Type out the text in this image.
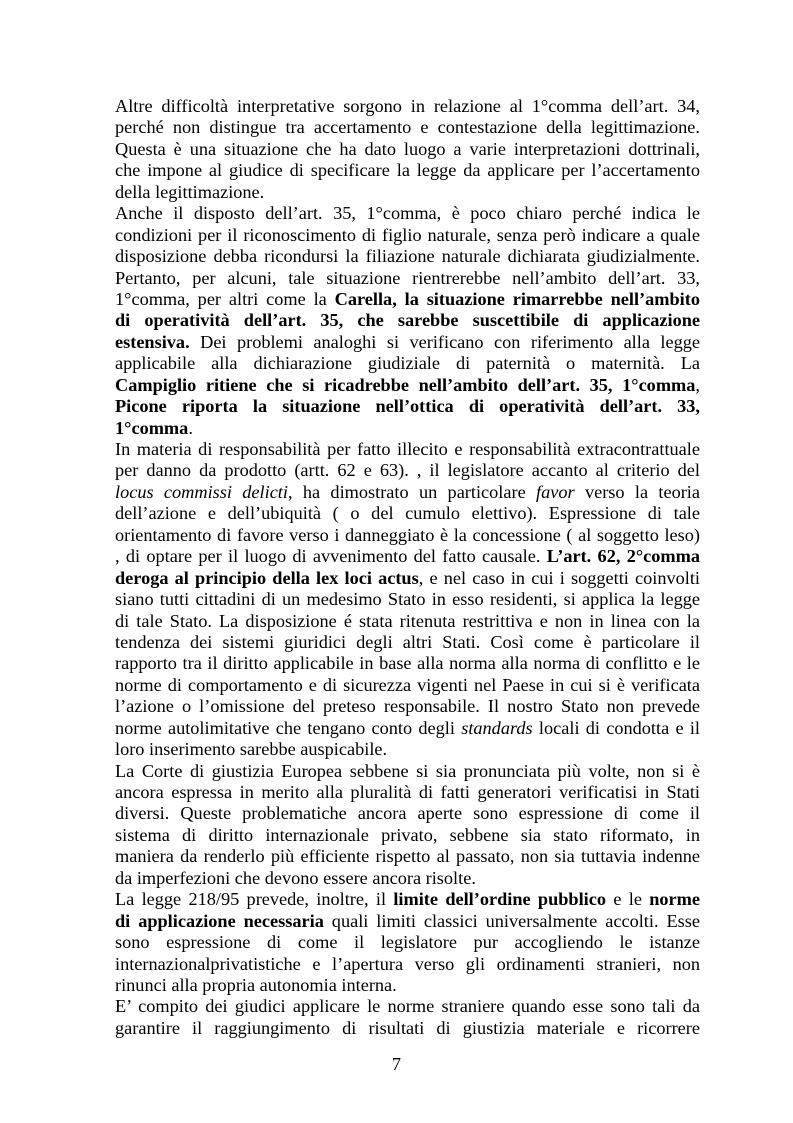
Altre difficoltà interpretative sorgono in relazione al 1°comma dell’art. 34,
perché non distingue tra accertamento e contestazione della legittimazione.
Questa è una situazione che ha dato luogo a varie interpretazioni dottrinali,
che impone al giudice di specificare la legge da applicare per l’accertamento
della legittimazione.
Anche il disposto dell’art. 35, 1°comma, è poco chiaro perché indica le
condizioni per il riconoscimento di figlio naturale, senza però indicare a quale
disposizione debba ricondursi la filiazione naturale dichiarata giudizialmente.
Pertanto, per alcuni, tale situazione rientrerebbe nell’ambito dell’art. 33,
1°comma, per altri come la Carella, la situazione rimarrebbe nell’ambito
di operatività dell’art. 35, che sarebbe suscettibile di applicazione
estensiva. Dei problemi analoghi si verificano con riferimento alla legge
applicabile alla dichiarazione giudiziale di paternità o maternità. La
Campiglio ritiene che si ricadrebbe nell’ambito dell’art. 35, 1°comma,
Picone riporta la situazione nell’ottica di operatività dell’art. 33,
1°comma.
In materia di responsabilità per fatto illecito e responsabilità extracontrattuale
per danno da prodotto (artt. 62 e 63). , il legislatore accanto al criterio del
locus commissi delicti, ha dimostrato un particolare favor verso la teoria
dell’azione e dell’ubiquità ( o del cumulo elettivo). Espressione di tale
orientamento di favore verso i danneggiato è la concessione ( al soggetto leso)
, di optare per il luogo di avvenimento del fatto causale. L’art. 62, 2°comma
deroga al principio della lex loci actus, e nel caso in cui i soggetti coinvolti
siano tutti cittadini di un medesimo Stato in esso residenti, si applica la legge
di tale Stato. La disposizione é stata ritenuta restrittiva e non in linea con la
tendenza dei sistemi giuridici degli altri Stati. Così come è particolare il
rapporto tra il diritto applicabile in base alla norma alla norma di conflitto e le
norme di comportamento e di sicurezza vigenti nel Paese in cui si è verificata
l’azione o l’omissione del preteso responsabile. Il nostro Stato non prevede
norme autolimitative che tengano conto degli standards locali di condotta e il
loro inserimento sarebbe auspicabile.
La Corte di giustizia Europea sebbene si sia pronunciata più volte, non si è
ancora espressa in merito alla pluralità di fatti generatori verificatisi in Stati
diversi. Queste problematiche ancora aperte sono espressione di come il
sistema di diritto internazionale privato, sebbene sia stato riformato, in
maniera da renderlo più efficiente rispetto al passato, non sia tuttavia indenne
da imperfezioni che devono essere ancora risolte.
La legge 218/95 prevede, inoltre, il limite dell’ordine pubblico e le norme
di applicazione necessaria quali limiti classici universalmente accolti. Esse
sono espressione di come il legislatore pur accogliendo le istanze
internazionalprivatistiche e l’apertura verso gli ordinamenti stranieri, non
rinunci alla propria autonomia interna.
E’ compito dei giudici applicare le norme straniere quando esse sono tali da
garantire il raggiungimento di risultati di giustizia materiale e ricorrere
7
